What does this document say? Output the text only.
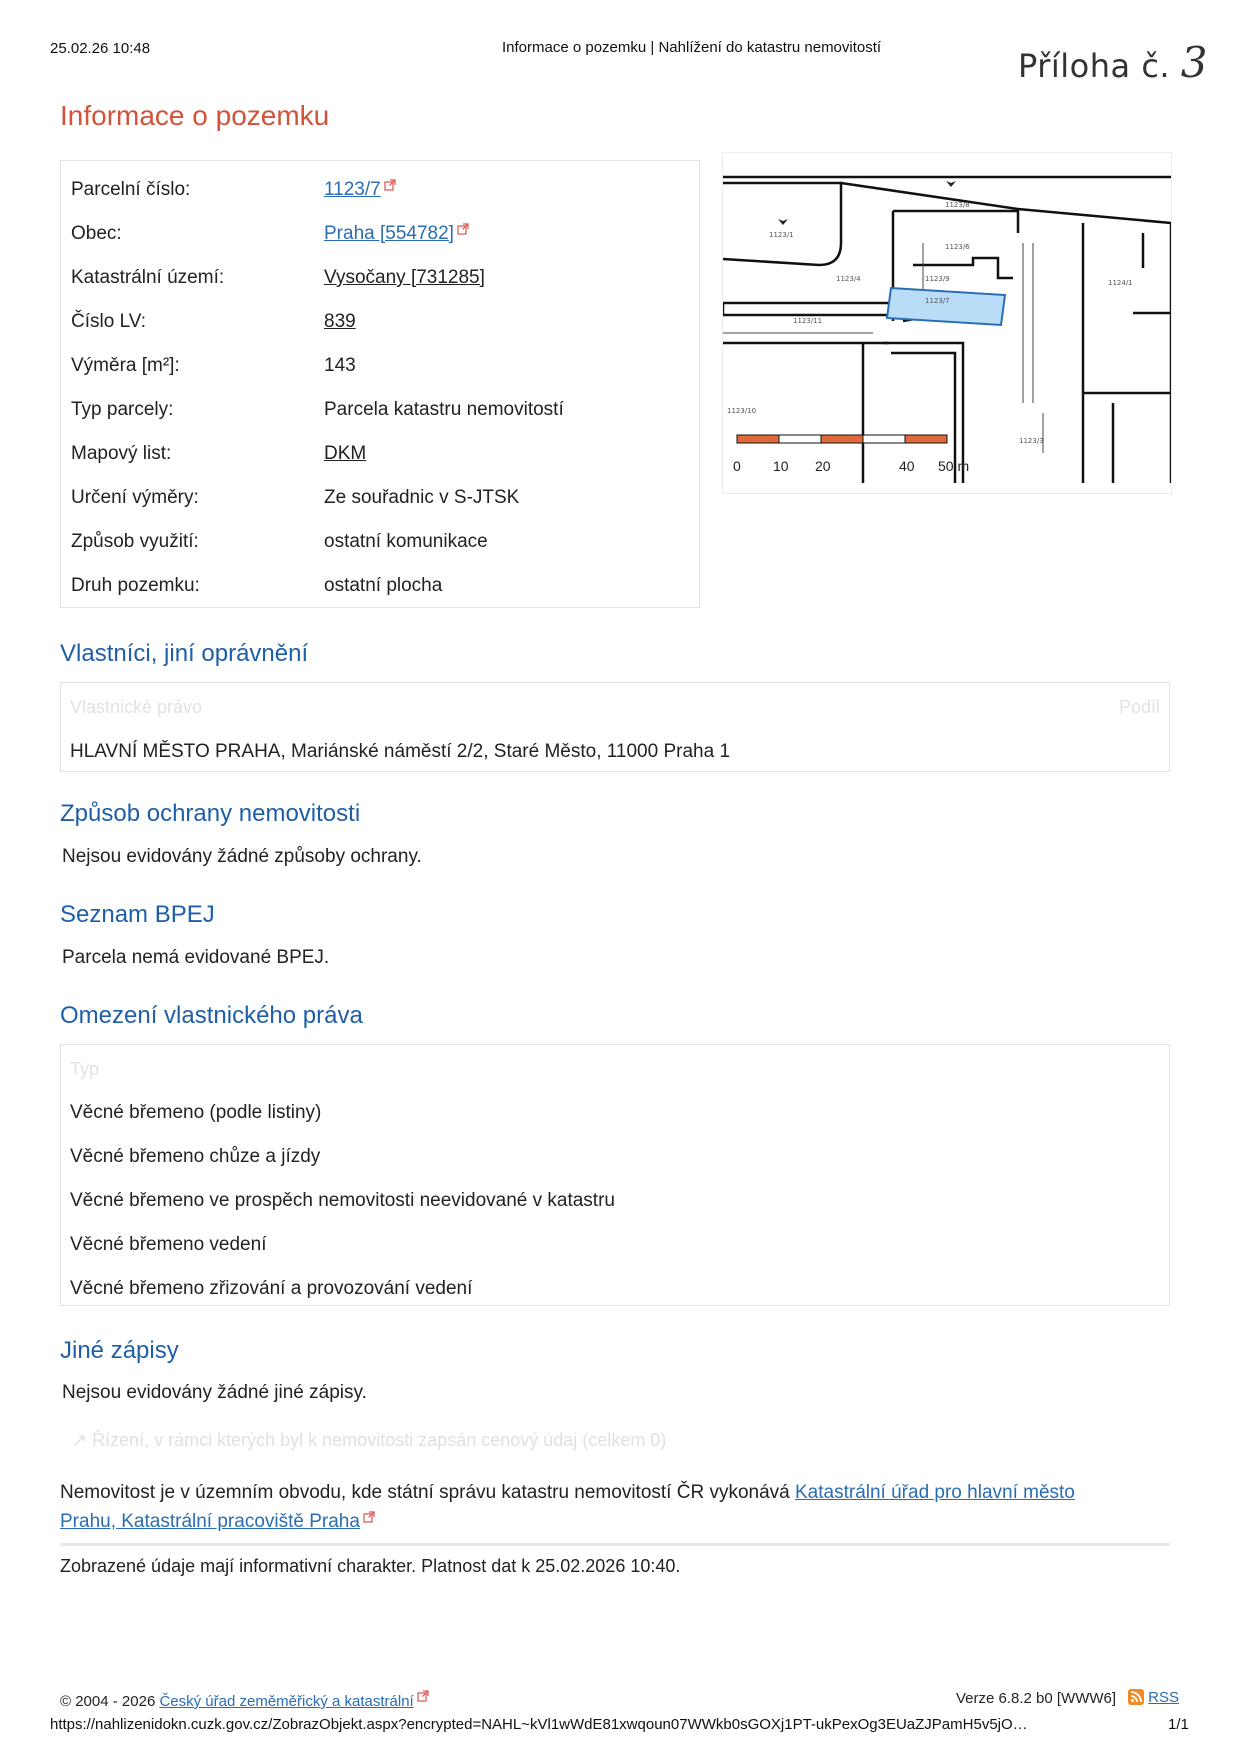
25.02.26 10:48	Informace o pozemku | Nahlížení do katastru nemovitostí	Příloha č. 3
Informace o pozemku
Parcelní číslo:	1123/7
Obec:	Praha [554782]
Katastrální území:	Vysočany [731285]
Číslo LV:	839
Výměra [m²]:	143
Typ parcely:	Parcela katastru nemovitostí
Mapový list:	DKM
Určení výměry:	Ze souřadnic v S-JTSK
Způsob využití:	ostatní komunikace
Druh pozemku:	ostatní plocha
1123/1
1123/4	1123/9
1123/7
1123/6
1123/8
1124/1
1123/10
1123/3
1123/11
0 10 20	40 50 m
Vlastníci, jiní oprávnění
Vlastnické právo	Podíl
HLAVNÍ MĚSTO PRAHA, Mariánské náměstí 2/2, Staré Město, 11000 Praha 1
Způsob ochrany nemovitosti
Nejsou evidovány žádné způsoby ochrany.
Seznam BPEJ
Parcela nemá evidované BPEJ.
Omezení vlastnického práva
Typ
Věcné břemeno (podle listiny)
Věcné břemeno chůze a jízdy
Věcné břemeno ve prospěch nemovitosti neevidované v katastru
Věcné břemeno vedení
Věcné břemeno zřizování a provozování vedení
Jiné zápisy
Nejsou evidovány žádné jiné zápisy.
↗ Řízení, v rámci kterých byl k nemovitosti zapsán cenový údaj (celkem 0)
Nemovitost je v územním obvodu, kde státní správu katastru nemovitostí ČR vykonává Katastrální úřad pro hlavní město
Prahu, Katastrální pracoviště Praha
Zobrazené údaje mají informativní charakter. Platnost dat k 25.02.2026 10:40.
© 2004 - 2026 Český úřad zeměměřický a katastrální	Verze 6.8.2 b0 [WWW6]	RSS
https://nahlizenidokn.cuzk.gov.cz/ZobrazObjekt.aspx?encrypted=NAHL~kVl1wWdE81xwqoun07WWkb0sGOXj1PT-ukPexOg3EUaZJPamH5v5jO…	1/1
